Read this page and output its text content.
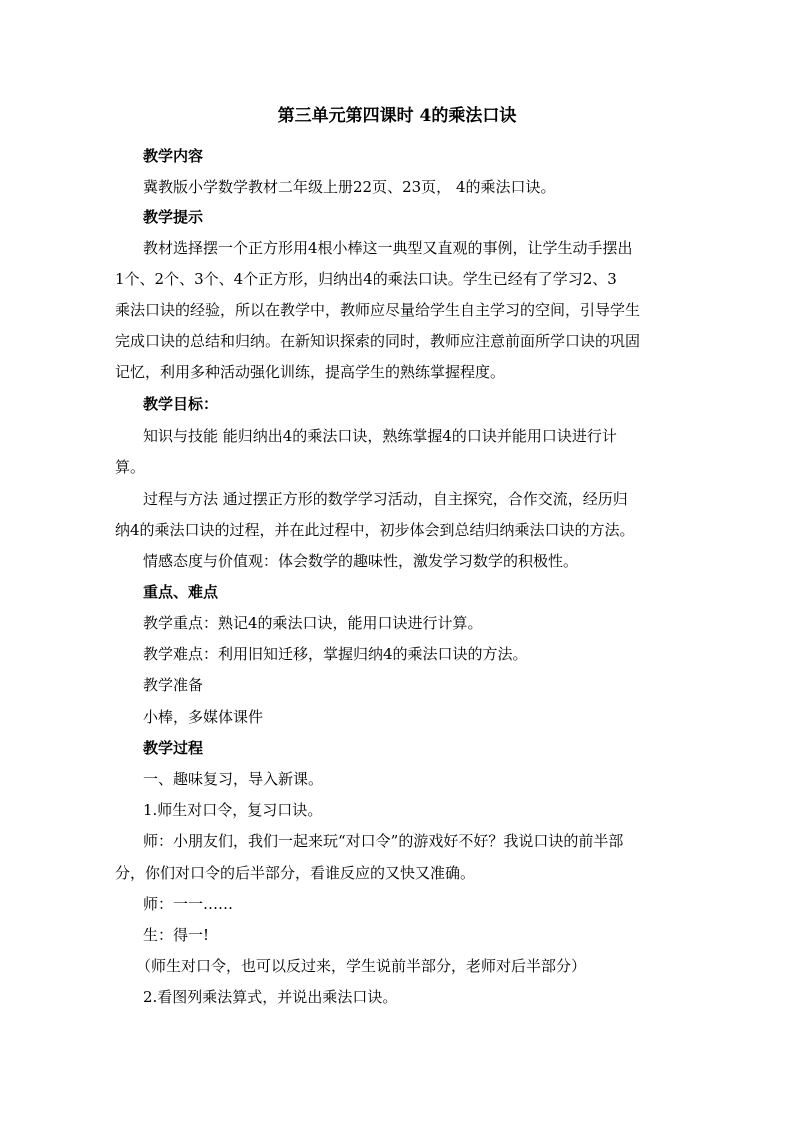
第三单元第四课时 4的乘法口诀
教学内容
冀教版小学数学教材二年级上册22页、23页， 4的乘法口诀。
教学提示
教材选择摆一个正方形用4根小棒这一典型又直观的事例，让学生动手摆出
1个、2个、3个、4个正方形，归纳出4的乘法口诀。学生已经有了学习2、3
乘法口诀的经验，所以在教学中，教师应尽量给学生自主学习的空间，引导学生
完成口诀的总结和归纳。在新知识探索的同时，教师应注意前面所学口诀的巩固
记忆，利用多种活动强化训练，提高学生的熟练掌握程度。
教学目标：
知识与技能 能归纳出4的乘法口诀，熟练掌握4的口诀并能用口诀进行计
算。
过程与方法 通过摆正方形的数学学习活动，自主探究，合作交流，经历归
纳4的乘法口诀的过程，并在此过程中，初步体会到总结归纳乘法口诀的方法。
情感态度与价值观：体会数学的趣味性，激发学习数学的积极性。
重点、难点
教学重点：熟记4的乘法口诀，能用口诀进行计算。
教学难点：利用旧知迁移，掌握归纳4的乘法口诀的方法。
教学准备
小棒，多媒体课件
教学过程
一、趣味复习，导入新课。
1.师生对口令，复习口诀。
师：小朋友们，我们一起来玩“对口令”的游戏好不好？我说口诀的前半部
分，你们对口令的后半部分，看谁反应的又快又准确。
师：一一……
生：得一!
（师生对口令，也可以反过来，学生说前半部分，老师对后半部分）
2.看图列乘法算式，并说出乘法口诀。
